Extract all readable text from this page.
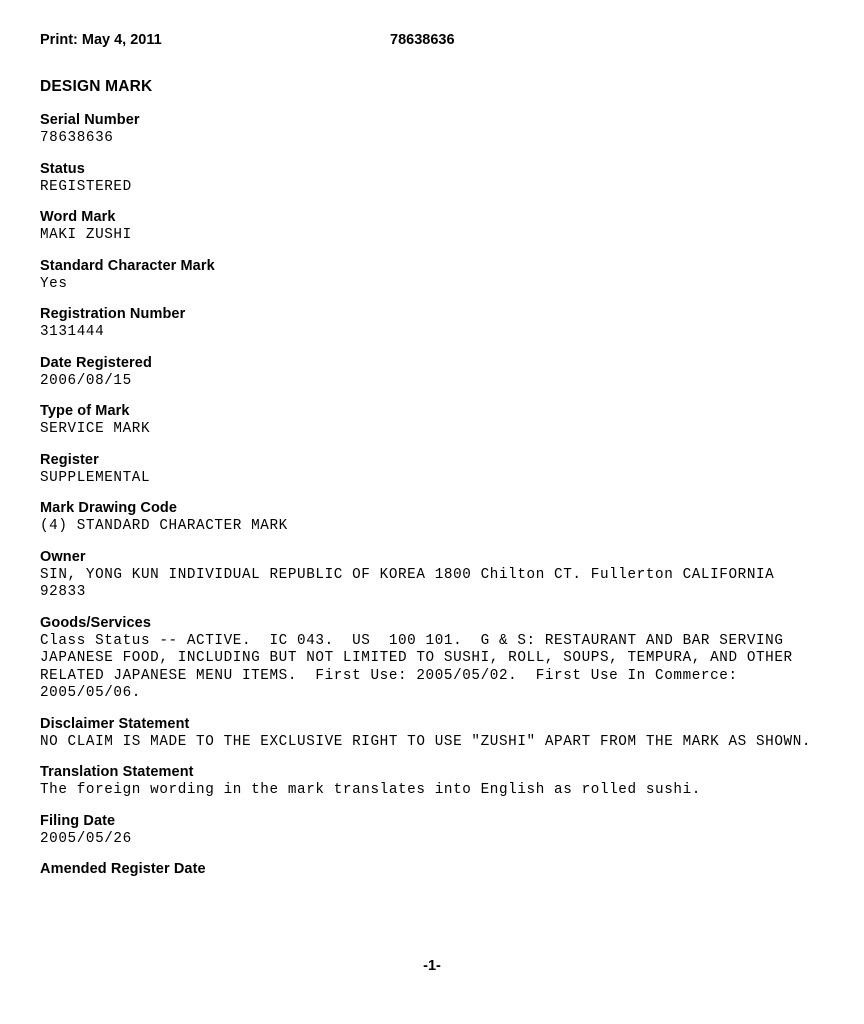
Print: May 4, 2011	78638636
DESIGN MARK
Serial Number
78638636
Status
REGISTERED
Word Mark
MAKI ZUSHI
Standard Character Mark
Yes
Registration Number
3131444
Date Registered
2006/08/15
Type of Mark
SERVICE MARK
Register
SUPPLEMENTAL
Mark Drawing Code
(4) STANDARD CHARACTER MARK
Owner
SIN, YONG KUN INDIVIDUAL REPUBLIC OF KOREA 1800 Chilton CT. Fullerton CALIFORNIA 92833
Goods/Services
Class Status -- ACTIVE.  IC 043.  US  100 101.  G & S: RESTAURANT AND BAR SERVING JAPANESE FOOD, INCLUDING BUT NOT LIMITED TO SUSHI, ROLL, SOUPS, TEMPURA, AND OTHER RELATED JAPANESE MENU ITEMS.  First Use: 2005/05/02.  First Use In Commerce: 2005/05/06.
Disclaimer Statement
NO CLAIM IS MADE TO THE EXCLUSIVE RIGHT TO USE "ZUSHI" APART FROM THE MARK AS SHOWN.
Translation Statement
The foreign wording in the mark translates into English as rolled sushi.
Filing Date
2005/05/26
Amended Register Date
-1-
